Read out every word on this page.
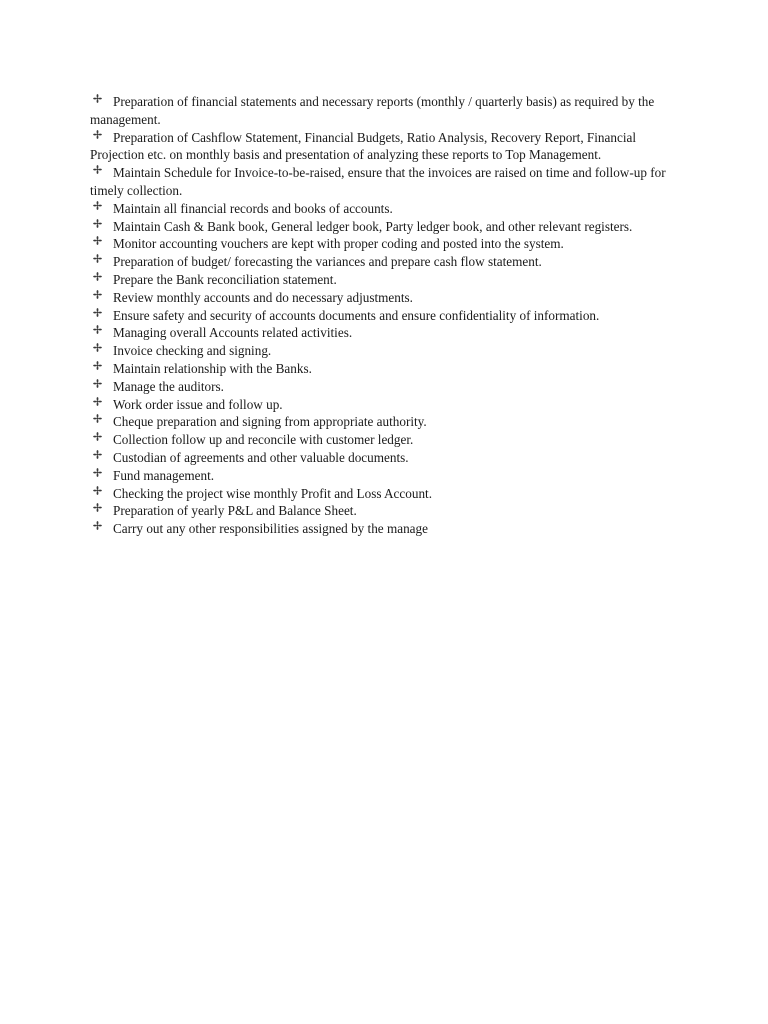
Preparation of financial statements and necessary reports (monthly / quarterly basis) as required by the management.
Preparation of Cashflow Statement, Financial Budgets, Ratio Analysis, Recovery Report, Financial Projection etc. on monthly basis and presentation of analyzing these reports to Top Management.
Maintain Schedule for Invoice-to-be-raised, ensure that the invoices are raised on time and follow-up for timely collection.
Maintain all financial records and books of accounts.
Maintain Cash & Bank book, General ledger book, Party ledger book, and other relevant registers.
Monitor accounting vouchers are kept with proper coding and posted into the system.
Preparation of budget/ forecasting the variances and prepare cash flow statement.
Prepare the Bank reconciliation statement.
Review monthly accounts and do necessary adjustments.
Ensure safety and security of accounts documents and ensure confidentiality of information.
Managing overall Accounts related activities.
Invoice checking and signing.
Maintain relationship with the Banks.
Manage the auditors.
Work order issue and follow up.
Cheque preparation and signing from appropriate authority.
Collection follow up and reconcile with customer ledger.
Custodian of agreements and other valuable documents.
Fund management.
Checking the project wise monthly Profit and Loss Account.
Preparation of yearly P&L and Balance Sheet.
Carry out any other responsibilities assigned by the manage
